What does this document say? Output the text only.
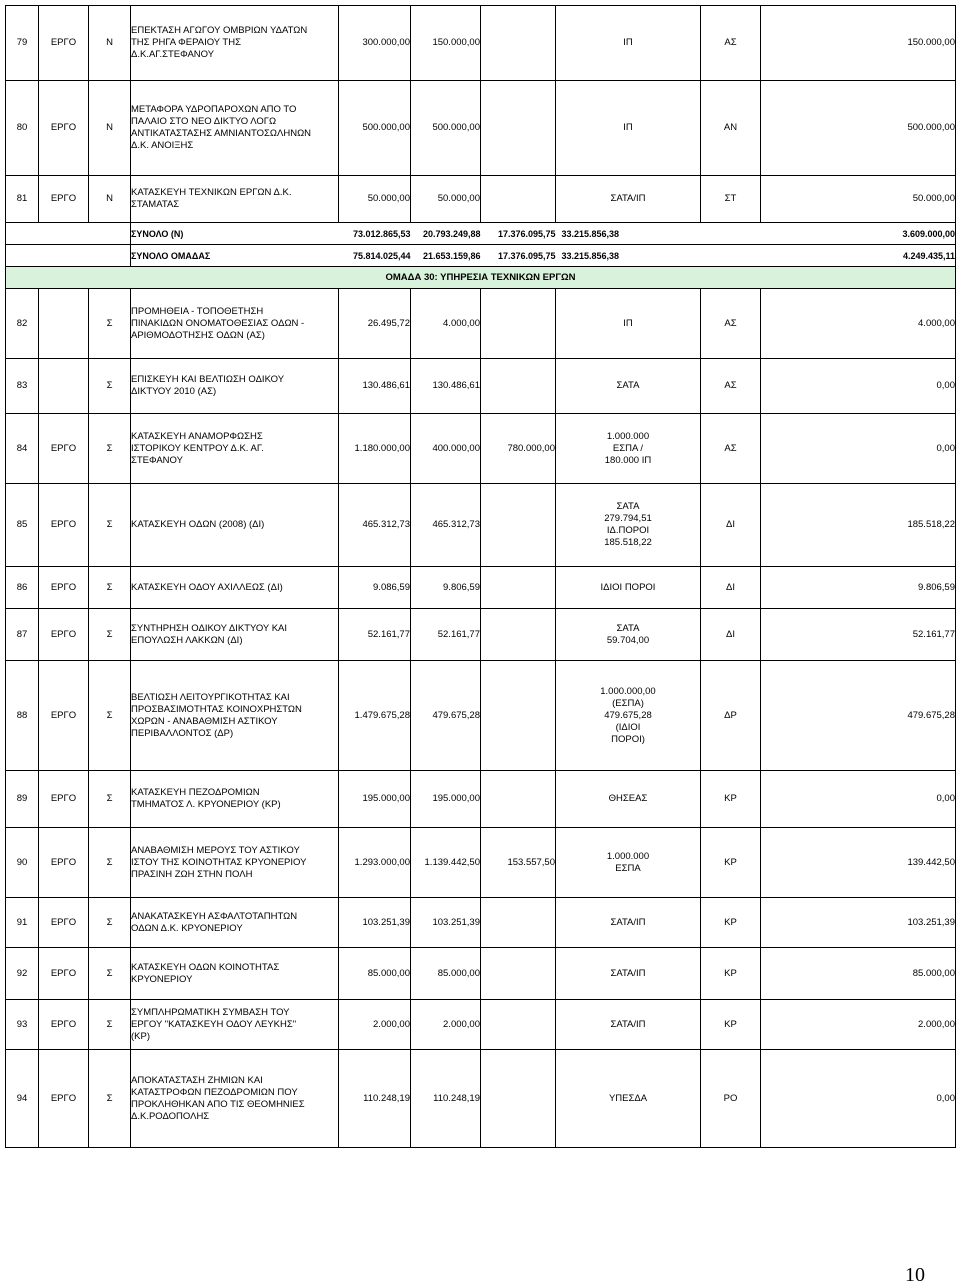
79	ΕΡΓΟ	Ν	ΕΠΕΚΤΑΣΗ ΑΓΩΓΟΥ ΟΜΒΡΙΩΝ ΥΔΑΤΩΝ
ΤΗΣ ΡΗΓΑ ΦΕΡΑΙΟΥ ΤΗΣ
Δ.Κ.ΑΓ.ΣΤΕΦΑΝΟΥ	300.000,00	150.000,00		ΙΠ	ΑΣ	150.000,00
80	ΕΡΓΟ	Ν	ΜΕΤΑΦΟΡΑ ΥΔΡΟΠΑΡΟΧΩΝ ΑΠΟ ΤΟ
ΠΑΛΑΙΟ ΣΤΟ ΝΕΟ ΔΙΚΤΥΟ ΛΟΓΩ
ΑΝΤΙΚΑΤΑΣΤΑΣΗΣ ΑΜΝΙΑΝΤΟΣΩΛΗΝΩΝ
Δ.Κ. ΑΝΟΙΞΗΣ	500.000,00	500.000,00		ΙΠ	ΑΝ	500.000,00
81	ΕΡΓΟ	Ν	ΚΑΤΑΣΚΕΥΗ ΤΕΧΝΙΚΩΝ ΕΡΓΩΝ Δ.Κ.
ΣΤΑΜΑΤΑΣ	50.000,00	50.000,00		ΣΑΤΑ/ΙΠ	ΣΤ	50.000,00
			ΣΥΝΟΛΟ (Ν)	73.012.865,53	20.793.249,88	17.376.095,75	33.215.856,38		3.609.000,00
			ΣΥΝΟΛΟ ΟΜΑΔΑΣ	75.814.025,44	21.653.159,86	17.376.095,75	33.215.856,38		4.249.435,11
ΟΜΑΔΑ 30: ΥΠΗΡΕΣΙΑ ΤΕΧΝΙΚΩΝ ΕΡΓΩΝ									
82		Σ	ΠΡΟΜΗΘΕΙΑ - ΤΟΠΟΘΕΤΗΣΗ
ΠΙΝΑΚΙΔΩΝ ΟΝΟΜΑΤΟΘΕΣΙΑΣ ΟΔΩΝ -
ΑΡΙΘΜΟΔΟΤΗΣΗΣ ΟΔΩΝ (ΑΣ)	26.495,72	4.000,00		ΙΠ	ΑΣ	4.000,00
83		Σ	ΕΠΙΣΚΕΥΗ ΚΑΙ ΒΕΛΤΙΩΣΗ ΟΔΙΚΟΥ
ΔΙΚΤΥΟΥ 2010 (ΑΣ)	130.486,61	130.486,61		ΣΑΤΑ	ΑΣ	0,00
84	ΕΡΓΟ	Σ	ΚΑΤΑΣΚΕΥΗ ΑΝΑΜΟΡΦΩΣΗΣ
ΙΣΤΟΡΙΚΟΥ ΚΕΝΤΡΟΥ Δ.Κ. ΑΓ.
ΣΤΕΦΑΝΟΥ	1.180.000,00	400.000,00	780.000,00	1.000.000
ΕΣΠΑ /
180.000 ΙΠ	ΑΣ	0,00
85	ΕΡΓΟ	Σ	ΚΑΤΑΣΚΕΥΗ ΟΔΩΝ (2008) (ΔΙ)	465.312,73	465.312,73		ΣΑΤΑ
279.794,51
ΙΔ.ΠΟΡΟΙ
185.518,22	ΔΙ	185.518,22
86	ΕΡΓΟ	Σ	ΚΑΤΑΣΚΕΥΗ ΟΔΟΥ ΑΧΙΛΛΕΩΣ (ΔΙ)	9.086,59	9.806,59		ΙΔΙΟΙ ΠΟΡΟΙ	ΔΙ	9.806,59
87	ΕΡΓΟ	Σ	ΣΥΝΤΗΡΗΣΗ ΟΔΙΚΟΥ ΔΙΚΤΥΟΥ ΚΑΙ
ΕΠΟΥΛΩΣΗ ΛΑΚΚΩΝ (ΔΙ)	52.161,77	52.161,77		ΣΑΤΑ
59.704,00	ΔΙ	52.161,77
88	ΕΡΓΟ	Σ	ΒΕΛΤΙΩΣΗ ΛΕΙΤΟΥΡΓΙΚΟΤΗΤΑΣ ΚΑΙ
ΠΡΟΣΒΑΣΙΜΟΤΗΤΑΣ ΚΟΙΝΟΧΡΗΣΤΩΝ
ΧΩΡΩΝ - ΑΝΑΒΑΘΜΙΣΗ ΑΣΤΙΚΟΥ
ΠΕΡΙΒΑΛΛΟΝΤΟΣ (ΔΡ)	1.479.675,28	479.675,28		1.000.000,00
(ΕΣΠΑ)
479.675,28
(ΙΔΙΟΙ
ΠΟΡΟΙ)	ΔΡ	479.675,28
89	ΕΡΓΟ	Σ	ΚΑΤΑΣΚΕΥΗ ΠΕΖΟΔΡΟΜΙΩΝ
ΤΜΗΜΑΤΟΣ Λ. ΚΡΥΟΝΕΡΙΟΥ (ΚΡ)	195.000,00	195.000,00		ΘΗΣΕΑΣ	ΚΡ	0,00
90	ΕΡΓΟ	Σ	ΑΝΑΒΑΘΜΙΣΗ ΜΕΡΟΥΣ ΤΟΥ ΑΣΤΙΚΟΥ
ΙΣΤΟΥ ΤΗΣ ΚΟΙΝΟΤΗΤΑΣ ΚΡΥΟΝΕΡΙΟΥ
ΠΡΑΣΙΝΗ ΖΩΗ ΣΤΗΝ ΠΟΛΗ	1.293.000,00	1.139.442,50	153.557,50	1.000.000
ΕΣΠΑ	ΚΡ	139.442,50
91	ΕΡΓΟ	Σ	ΑΝΑΚΑΤΑΣΚΕΥΗ ΑΣΦΑΛΤΟΤΑΠΗΤΩΝ
ΟΔΩΝ Δ.Κ. ΚΡΥΟΝΕΡΙΟΥ	103.251,39	103.251,39		ΣΑΤΑ/ΙΠ	ΚΡ	103.251,39
92	ΕΡΓΟ	Σ	ΚΑΤΑΣΚΕΥΗ ΟΔΩΝ ΚΟΙΝΟΤΗΤΑΣ
ΚΡΥΟΝΕΡΙΟΥ	85.000,00	85.000,00		ΣΑΤΑ/ΙΠ	ΚΡ	85.000,00
93	ΕΡΓΟ	Σ	ΣΥΜΠΛΗΡΩΜΑΤΙΚΗ ΣΥΜΒΑΣΗ ΤΟΥ
ΕΡΓΟΥ "ΚΑΤΑΣΚΕΥΗ ΟΔΟΥ ΛΕΥΚΗΣ"
(ΚΡ)	2.000,00	2.000,00		ΣΑΤΑ/ΙΠ	ΚΡ	2.000,00
94	ΕΡΓΟ	Σ	ΑΠΟΚΑΤΑΣΤΑΣΗ ΖΗΜΙΩΝ ΚΑΙ
ΚΑΤΑΣΤΡΟΦΩΝ ΠΕΖΟΔΡΟΜΙΩΝ ΠΟΥ
ΠΡΟΚΛΗΘΗΚΑΝ ΑΠΟ ΤΙΣ ΘΕΟΜΗΝΙΕΣ
Δ.Κ.ΡΟΔΟΠΟΛΗΣ	110.248,19	110.248,19		ΥΠΕΣΔΑ	ΡΟ	0,00
10
